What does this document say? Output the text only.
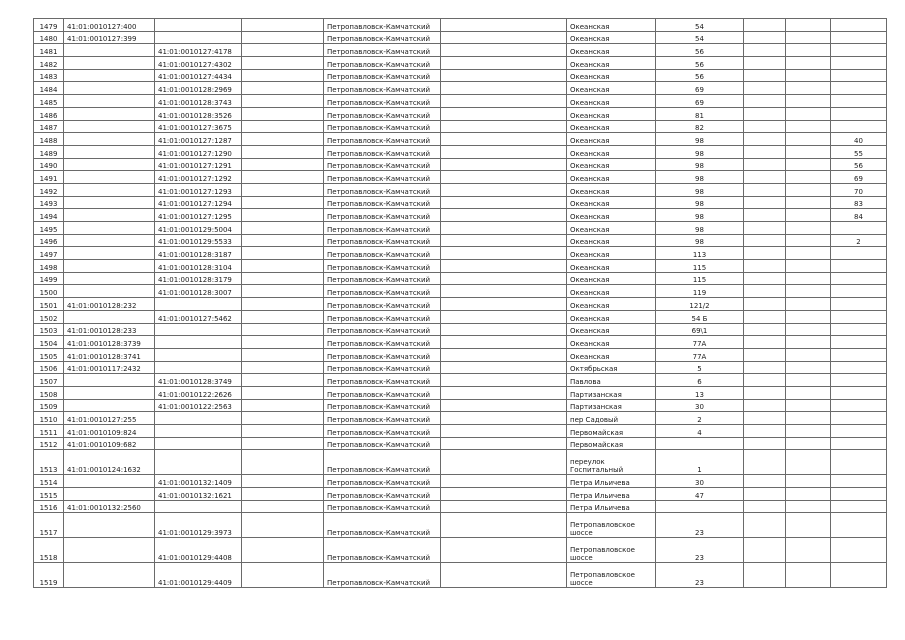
1479	41:01:0010127:400			Петропавловск-Камчатский		Океанская	54			
1480	41:01:0010127:399			Петропавловск-Камчатский		Океанская	54			
1481		41:01:0010127:4178		Петропавловск-Камчатский		Океанская	56			
1482		41:01:0010127:4302		Петропавловск-Камчатский		Океанская	56			
1483		41:01:0010127:4434		Петропавловск-Камчатский		Океанская	56			
1484		41:01:0010128:2969		Петропавловск-Камчатский		Океанская	69			
1485		41:01:0010128:3743		Петропавловск-Камчатский		Океанская	69			
1486		41:01:0010128:3526		Петропавловск-Камчатский		Океанская	81			
1487		41:01:0010127:3675		Петропавловск-Камчатский		Океанская	82			
1488		41:01:0010127:1287		Петропавловск-Камчатский		Океанская	98			40
1489		41:01:0010127:1290		Петропавловск-Камчатский		Океанская	98			55
1490		41:01:0010127:1291		Петропавловск-Камчатский		Океанская	98			56
1491		41:01:0010127:1292		Петропавловск-Камчатский		Океанская	98			69
1492		41:01:0010127:1293		Петропавловск-Камчатский		Океанская	98			70
1493		41:01:0010127:1294		Петропавловск-Камчатский		Океанская	98			83
1494		41:01:0010127:1295		Петропавловск-Камчатский		Океанская	98			84
1495		41:01:0010129:5004		Петропавловск-Камчатский		Океанская	98			
1496		41:01:0010129:5533		Петропавловск-Камчатский		Океанская	98			2
1497		41:01:0010128:3187		Петропавловск-Камчатский		Океанская	113			
1498		41:01:0010128:3104		Петропавловск-Камчатский		Океанская	115			
1499		41:01:0010128:3179		Петропавловск-Камчатский		Океанская	115			
1500		41:01:0010128:3007		Петропавловск-Камчатский		Океанская	119			
1501	41:01:0010128:232			Петропавловск-Камчатский		Океанская	121/2			
1502		41:01:0010127:5462		Петропавловск-Камчатский		Океанская	54 Б			
1503	41:01:0010128:233			Петропавловск-Камчатский		Океанская	69\1			
1504	41:01:0010128:3739			Петропавловск-Камчатский		Океанская	77А			
1505	41:01:0010128:3741			Петропавловск-Камчатский		Океанская	77А			
1506	41:01:0010117:2432			Петропавловск-Камчатский		Октябрьская	5			
1507		41:01:0010128:3749		Петропавловск-Камчатский		Павлова	6			
1508		41:01:0010122:2626		Петропавловск-Камчатский		Партизанская	13			
1509		41:01:0010122:2563		Петропавловск-Камчатский		Партизанская	30			
1510	41:01:0010127:255			Петропавловск-Камчатский		пер Садовый	2			
1511	41:01:0010109:824			Петропавловск-Камчатский		Первомайская	4			
1512	41:01:0010109:682			Петропавловск-Камчатский		Первомайская				
1513	41:01:0010124:1632			Петропавловск-Камчатский		переулок Госпитальный	1			
1514		41:01:0010132:1409		Петропавловск-Камчатский		Петра Ильичева	30			
1515		41:01:0010132:1621		Петропавловск-Камчатский		Петра Ильичева	47			
1516	41:01:0010132:2560			Петропавловск-Камчатский		Петра Ильичева				
1517		41:01:0010129:3973		Петропавловск-Камчатский		Петропавловское шоссе	23			
1518		41:01:0010129:4408		Петропавловск-Камчатский		Петропавловское шоссе	23			
1519		41:01:0010129:4409		Петропавловск-Камчатский		Петропавловское шоссе	23			
